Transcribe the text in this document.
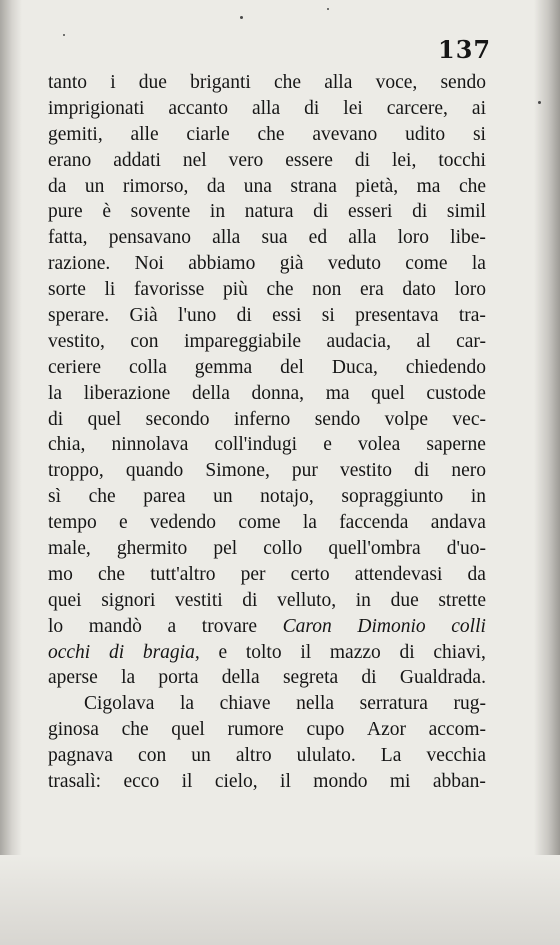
137
tanto i due briganti che alla voce, sendo
imprigionati accanto alla di lei carcere, ai
gemiti, alle ciarle che avevano udito si
erano addati nel vero essere di lei, tocchi
da un rimorso, da una strana pietà, ma che
pure è sovente in natura di esseri di simil
fatta, pensavano alla sua ed alla loro libe-
razione. Noi abbiamo già veduto come la
sorte li favorisse più che non era dato loro
sperare. Già l'uno di essi si presentava tra-
vestito, con impareggiabile audacia, al car-
ceriere colla gemma del Duca, chiedendo
la liberazione della donna, ma quel custode
di quel secondo inferno sendo volpe vec-
chia, ninnolava coll'indugi e volea saperne
troppo, quando Simone, pur vestito di nero
sì che parea un notajo, sopraggiunto in
tempo e vedendo come la faccenda andava
male, ghermito pel collo quell'ombra d'uo-
mo che tutt'altro per certo attendevasi da
quei signori vestiti di velluto, in due strette
lo mandò a trovare Caron Dimonio colli
occhi di bragia, e tolto il mazzo di chiavi,
aperse la porta della segreta di Gualdrada.
Cigolava la chiave nella serratura rug-
ginosa che quel rumore cupo Azor accom-
pagnava con un altro ululato. La vecchia
trasalì: ecco il cielo, il mondo mi abban-
